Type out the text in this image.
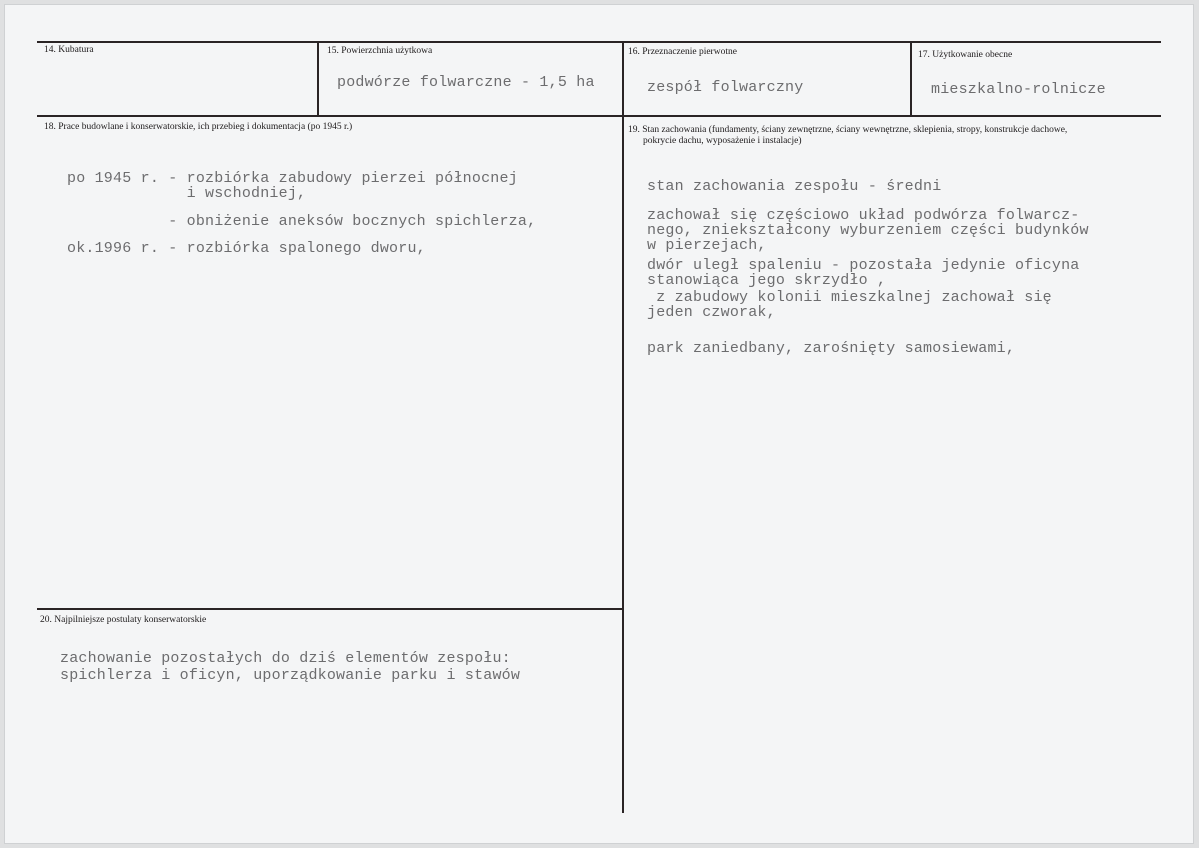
14. Kubatura	15. Powierzchnia użytkowa
podwórze folwarczne - 1,5 ha
16. Przeznaczenie pierwotne
zespół folwarczny
17. Użytkowanie obecne
mieszkalno-rolnicze
18. Prace budowlane i konserwatorskie, ich przebieg i dokumentacja (po 1945 r.)
po 1945 r. - rozbiórka zabudowy pierzei północnej
i wschodniej,
- obniżenie aneksów bocznych spichlerza,
ok.1996 r. - rozbiórka spalonego dworu,
19. Stan zachowania (fundamenty, ściany zewnętrzne, ściany wewnętrzne, sklepienia, stropy, konstrukcje dachowe,
pokrycie dachu, wyposażenie i instalacje)
stan zachowania zespołu - średni
zachował się częściowo układ podwórza folwarcz-
nego, zniekształcony wyburzeniem części budynków
w pierzejach,
dwór uległ spaleniu - pozostała jedynie oficyna
stanowiąca jego skrzydło ,
z zabudowy kolonii mieszkalnej zachował się
jeden czworak,
park zaniedbany, zarośnięty samosiewami,
20. Najpilniejsze postulaty konserwatorskie
zachowanie pozostałych do dziś elementów zespołu:
spichlerza i oficyn, uporządkowanie parku i stawów
